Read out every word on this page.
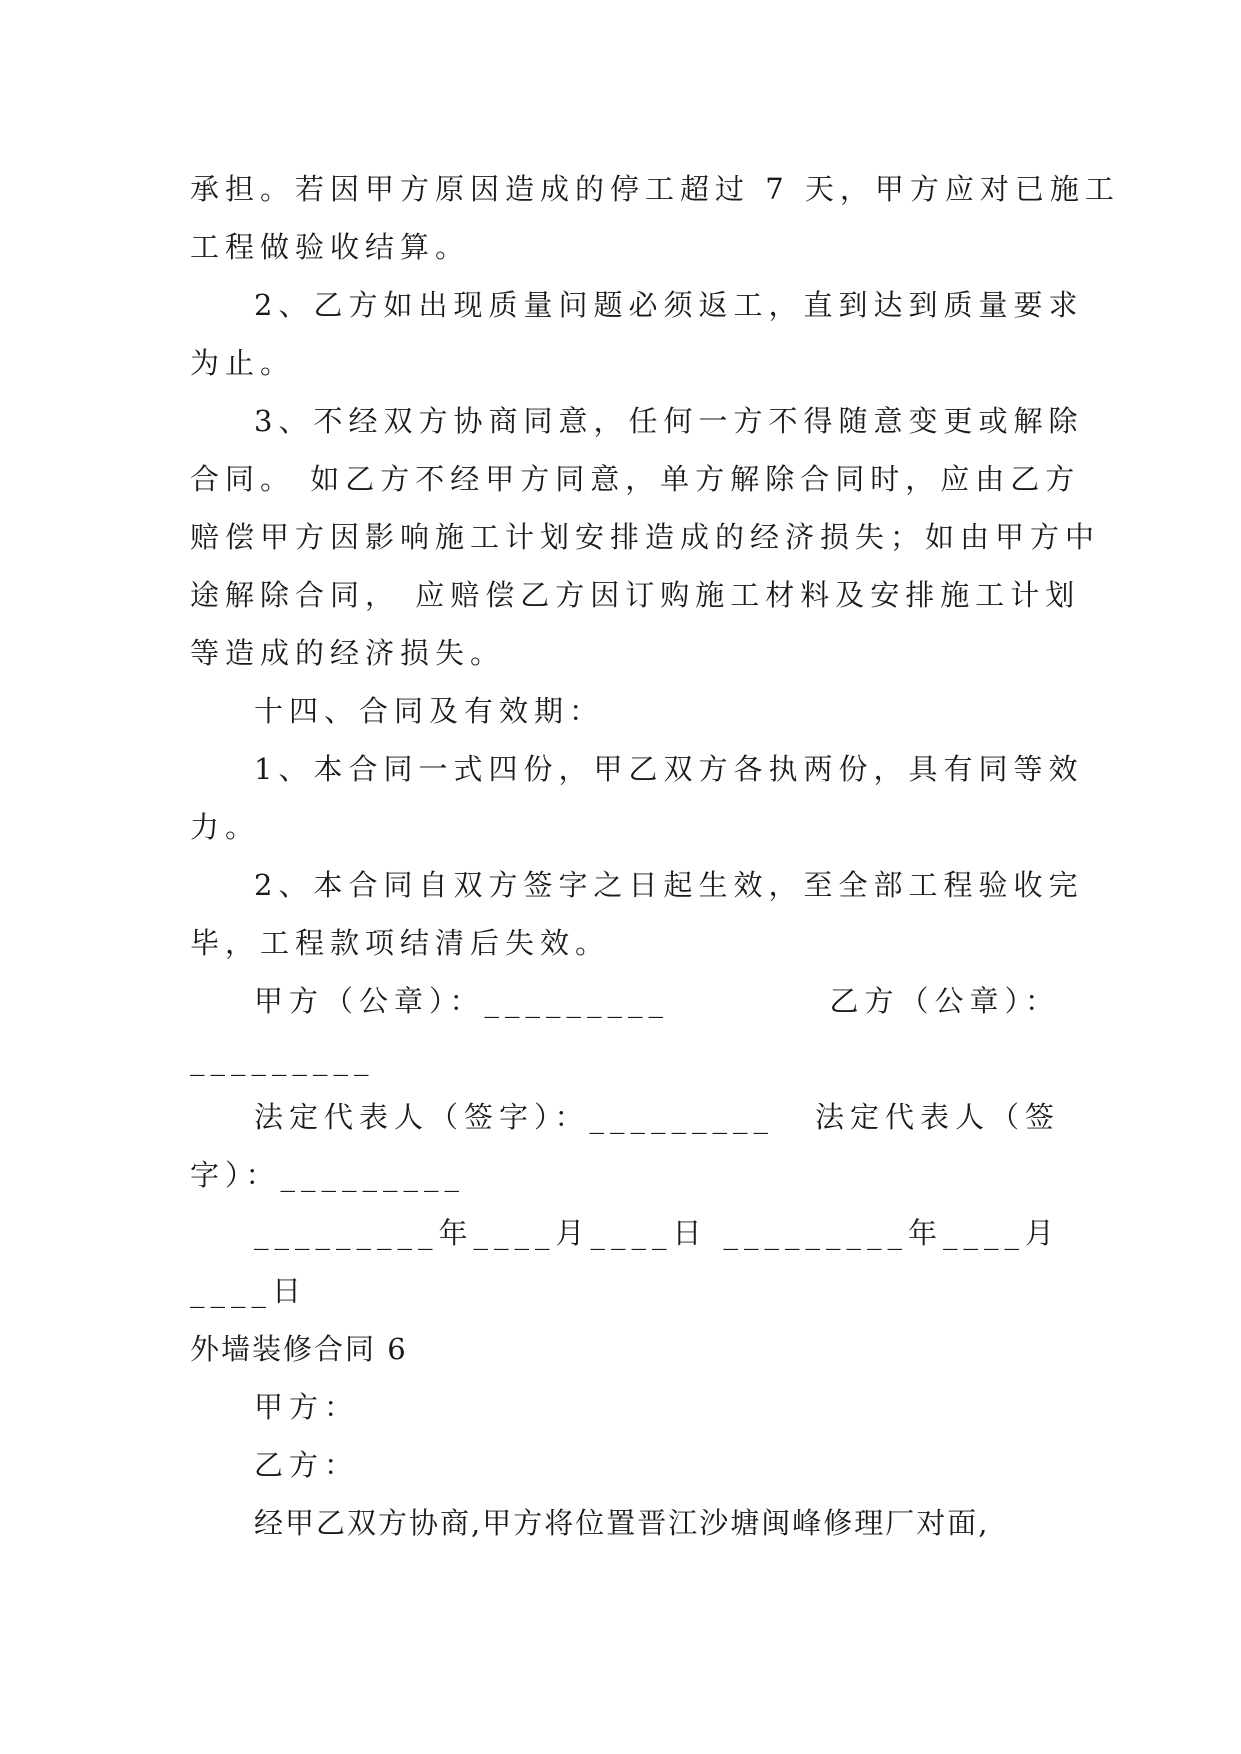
承担。若因甲方原因造成的停工超过 7 天，甲方应对已施工

工程做验收结算。

2、乙方如出现质量问题必须返工，直到达到质量要求

为止。

3、不经双方协商同意，任何一方不得随意变更或解除

合同。 如乙方不经甲方同意，单方解除合同时，应由乙方

赔偿甲方因影响施工计划安排造成的经济损失；如由甲方中

途解除合同， 应赔偿乙方因订购施工材料及安排施工计划

等造成的经济损失。

十四、合同及有效期：

1、本合同一式四份，甲乙双方各执两份，具有同等效

力。

2、本合同自双方签字之日起生效，至全部工程验收完

毕，工程款项结清后失效。

甲方（公章）：_________	乙方（公章）：

_________

法定代表人（签字）：_________ 法定代表人（签

字）：_________

_________年____月____日 _________年____月

____日

外墙装修合同 6

甲方：

乙方：

经甲乙双方协商,甲方将位置晋江沙塘闽峰修理厂对面,
